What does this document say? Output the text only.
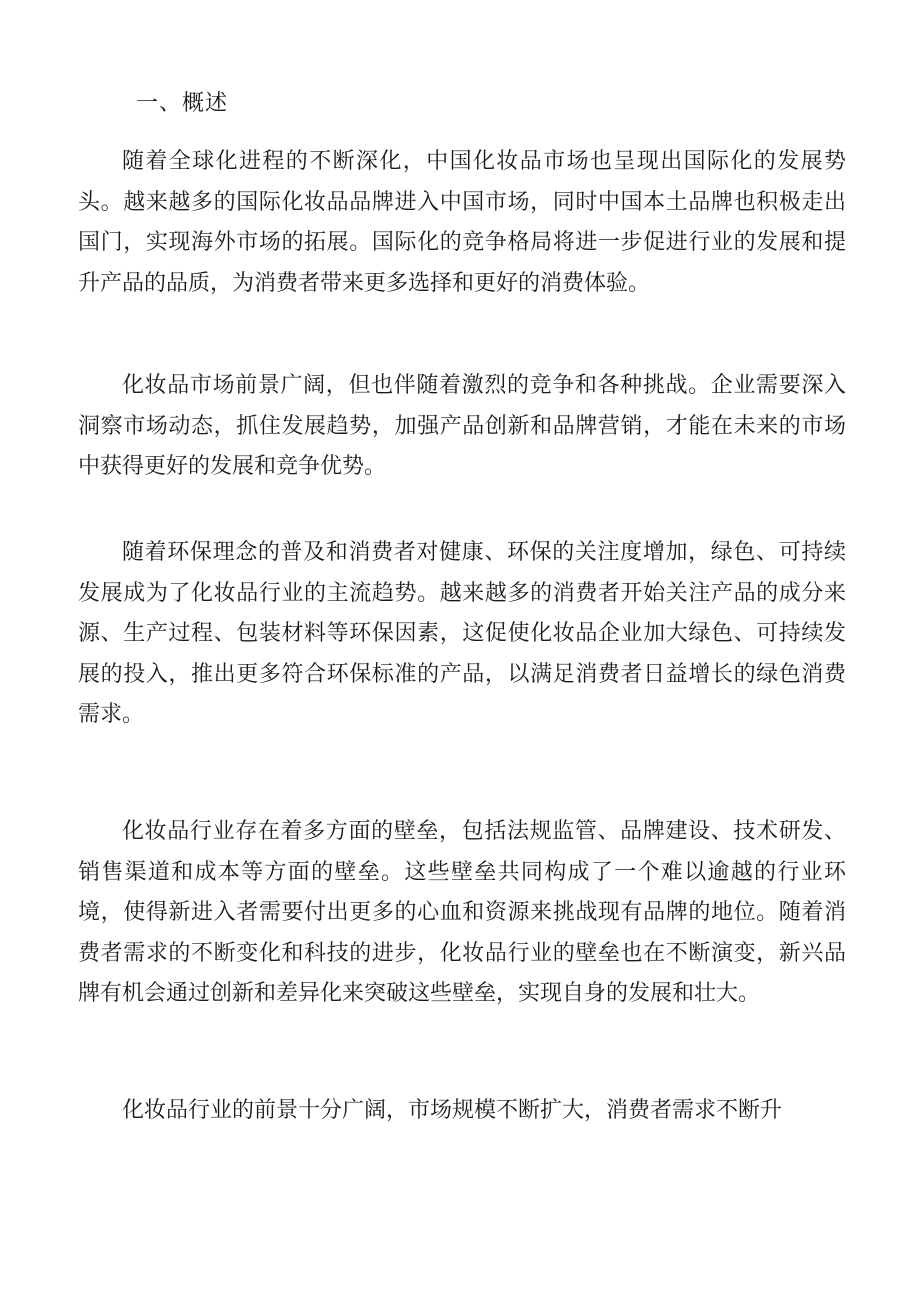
一、概述

随着全球化进程的不断深化，中国化妆品市场也呈现出国际化的发展势头。越来越多的国际化妆品品牌进入中国市场，同时中国本土品牌也积极走出国门，实现海外市场的拓展。国际化的竞争格局将进一步促进行业的发展和提升产品的品质，为消费者带来更多选择和更好的消费体验。

化妆品市场前景广阔，但也伴随着激烈的竞争和各种挑战。企业需要深入洞察市场动态，抓住发展趋势，加强产品创新和品牌营销，才能在未来的市场中获得更好的发展和竞争优势。

随着环保理念的普及和消费者对健康、环保的关注度增加，绿色、可持续发展成为了化妆品行业的主流趋势。越来越多的消费者开始关注产品的成分来源、生产过程、包装材料等环保因素，这促使化妆品企业加大绿色、可持续发展的投入，推出更多符合环保标准的产品，以满足消费者日益增长的绿色消费需求。

化妆品行业存在着多方面的壁垒，包括法规监管、品牌建设、技术研发、销售渠道和成本等方面的壁垒。这些壁垒共同构成了一个难以逾越的行业环境，使得新进入者需要付出更多的心血和资源来挑战现有品牌的地位。随着消费者需求的不断变化和科技的进步，化妆品行业的壁垒也在不断演变，新兴品牌有机会通过创新和差异化来突破这些壁垒，实现自身的发展和壮大。

化妆品行业的前景十分广阔，市场规模不断扩大，消费者需求不断升
